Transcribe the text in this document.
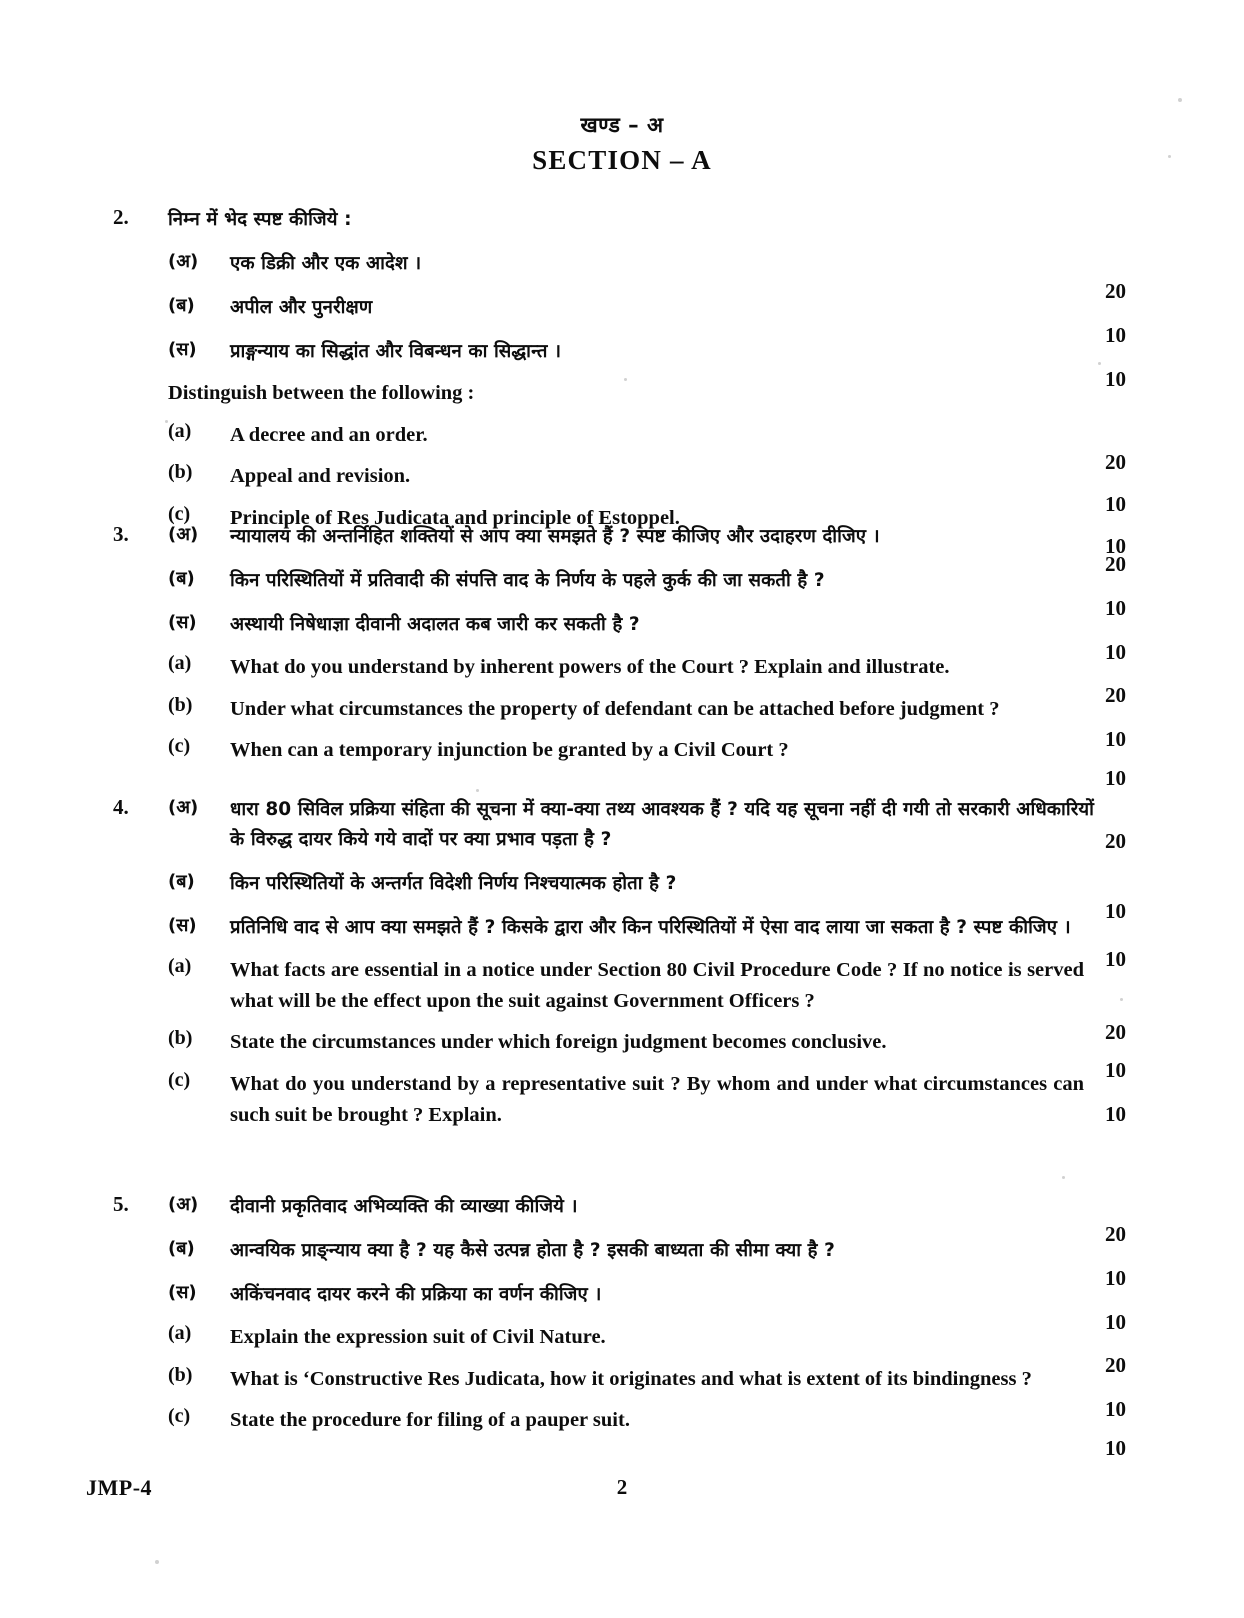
खण्ड – अ
SECTION – A
2.	निम्न में भेद स्पष्ट कीजिये :
(अ)	एक डिक्री और एक आदेश ।
20
(ब)	अपील और पुनरीक्षण
10
(स)	प्राङ्गन्याय का सिद्धांत और विबन्धन का सिद्धान्त ।
10
Distinguish between the following :
(a)	A decree and an order.
20
(b)	Appeal and revision.
10
(c)	Principle of Res Judicata and principle of Estoppel.
10
3.	(अ)	न्यायालय की अन्तर्निहित शक्तियों से आप क्या समझते हैं ? स्पष्ट कीजिए और उदाहरण दीजिए ।
20
(ब)	किन परिस्थितियों में प्रतिवादी की संपत्ति वाद के निर्णय के पहले कुर्क की जा सकती है ?
10
(स)	अस्थायी निषेधाज्ञा दीवानी अदालत कब जारी कर सकती है ?
10
(a)	What do you understand by inherent powers of the Court ? Explain and illustrate.
20
(b)	Under what circumstances the property of defendant can be attached before judgment ?
10
(c)	When can a temporary injunction be granted by a Civil Court ?
10
4.	(अ)	धारा 80 सिविल प्रक्रिया संहिता की सूचना में क्या-क्या तथ्य आवश्यक हैं ? यदि यह सूचना नहीं दी गयी तो सरकारी अधिकारियों के विरुद्ध दायर किये गये वादों पर क्या प्रभाव पड़ता है ?	20
(ब)	किन परिस्थितियों के अन्तर्गत विदेशी निर्णय निश्चयात्मक होता है ?
10
(स)	प्रतिनिधि वाद से आप क्या समझते हैं ? किसके द्वारा और किन परिस्थितियों में ऐसा वाद लाया जा सकता है ? स्पष्ट कीजिए ।
10
(a)	What facts are essential in a notice under Section 80 Civil Procedure Code ? If no notice is served what will be the effect upon the suit against Government Officers ?
20
(b)	State the circumstances under which foreign judgment becomes conclusive.
10
(c)	What do you understand by a representative suit ? By whom and under what circumstances can such suit be brought ? Explain.	10
5.	(अ)	दीवानी प्रकृतिवाद अभिव्यक्ति की व्याख्या कीजिये ।
20
(ब)	आन्वयिक प्राङ्न्याय क्या है ? यह कैसे उत्पन्न होता है ? इसकी बाध्यता की सीमा क्या है ?
10
(स)	अकिंचनवाद दायर करने की प्रक्रिया का वर्णन कीजिए ।
10
(a)	Explain the expression suit of Civil Nature.
20
(b)	What is ‘Constructive Res Judicata, how it originates and what is extent of its bindingness ?
10
(c)	State the procedure for filing of a pauper suit.
10
JMP-4	2
